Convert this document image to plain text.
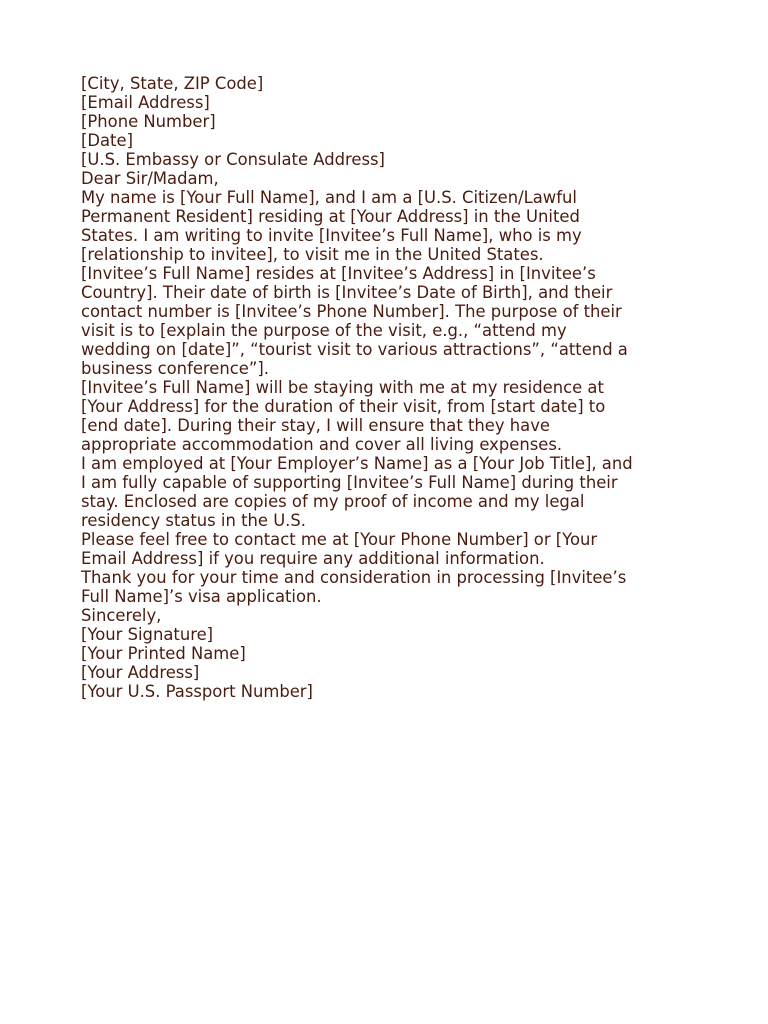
[City, State, ZIP Code]
[Email Address]
[Phone Number]
[Date]
[U.S. Embassy or Consulate Address]
Dear Sir/Madam,
My name is [Your Full Name], and I am a [U.S. Citizen/Lawful
Permanent Resident] residing at [Your Address] in the United
States. I am writing to invite [Invitee’s Full Name], who is my
[relationship to invitee], to visit me in the United States.
[Invitee’s Full Name] resides at [Invitee’s Address] in [Invitee’s
Country]. Their date of birth is [Invitee’s Date of Birth], and their
contact number is [Invitee’s Phone Number]. The purpose of their
visit is to [explain the purpose of the visit, e.g., “attend my
wedding on [date]”, “tourist visit to various attractions”, “attend a
business conference”].
[Invitee’s Full Name] will be staying with me at my residence at
[Your Address] for the duration of their visit, from [start date] to
[end date]. During their stay, I will ensure that they have
appropriate accommodation and cover all living expenses.
I am employed at [Your Employer’s Name] as a [Your Job Title], and
I am fully capable of supporting [Invitee’s Full Name] during their
stay. Enclosed are copies of my proof of income and my legal
residency status in the U.S.
Please feel free to contact me at [Your Phone Number] or [Your
Email Address] if you require any additional information.
Thank you for your time and consideration in processing [Invitee’s
Full Name]’s visa application.
Sincerely,
[Your Signature]
[Your Printed Name]
[Your Address]
[Your U.S. Passport Number]
